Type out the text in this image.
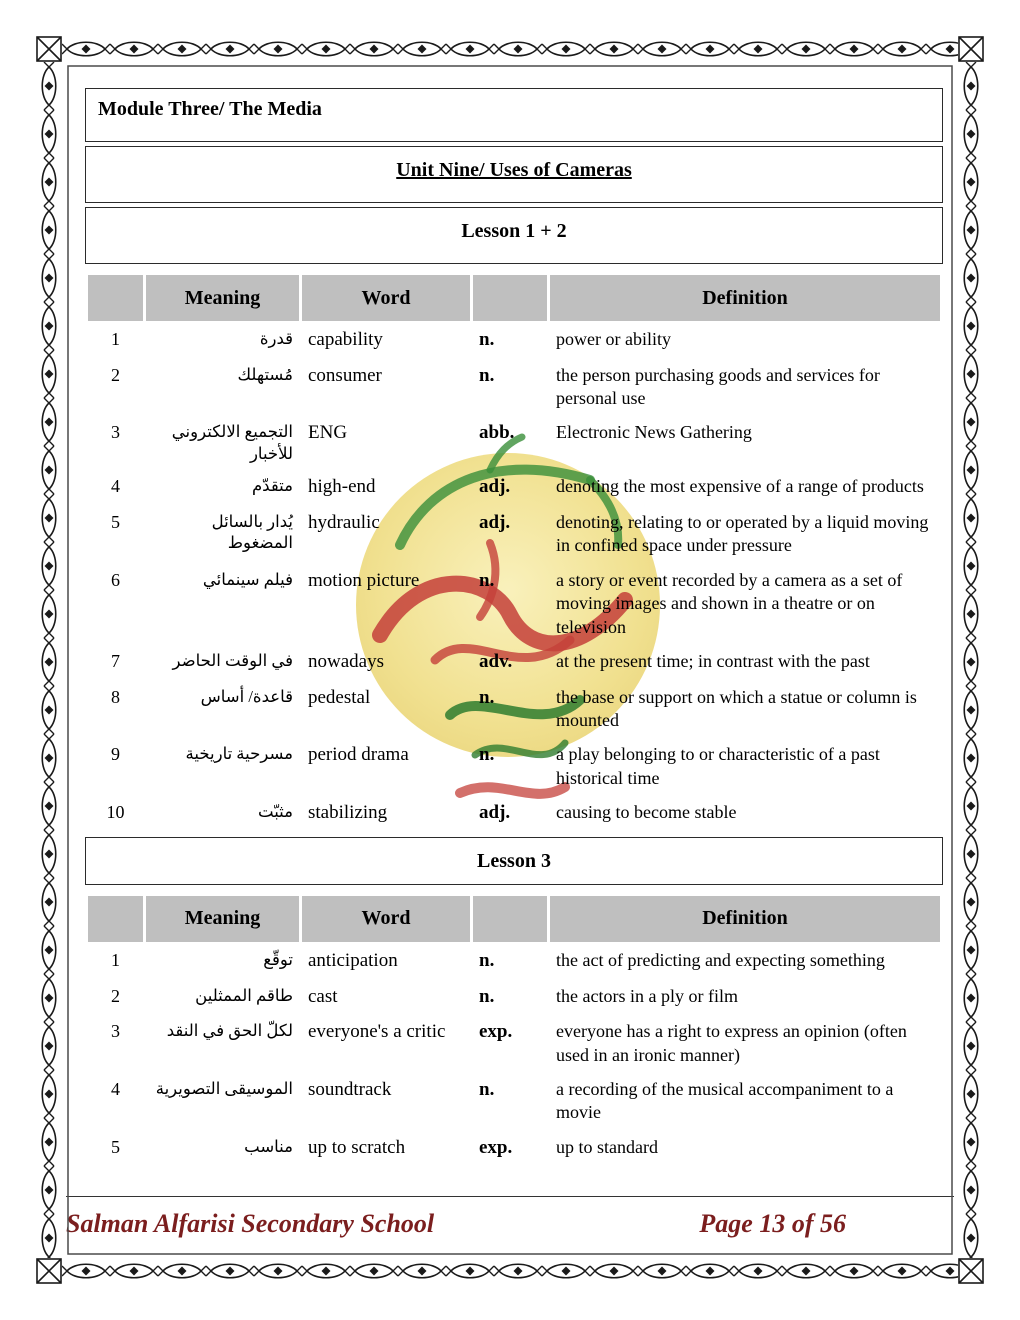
Module Three/ The Media
Unit Nine/ Uses of Cameras
Lesson 1 + 2
	Meaning	Word		Definition
1	قدرة	capability	n.	power or ability
2	مُستهلك	consumer	n.	the person purchasing goods and services for personal use
3	التجميع الالكتروني للأخبار	ENG	abb.	Electronic News Gathering
4	متقدّم	high-end	adj.	denoting the most expensive of a range of products
5	يُدار بالسائل المضغوط	hydraulic	adj.	denoting, relating to or operated by a liquid moving in confined space under pressure
6	فيلم سينمائي	motion picture	n.	a story or event recorded by a camera as a set of moving images and shown in a theatre or on television
7	في الوقت الحاضر	nowadays	adv.	at the present time; in contrast with the past
8	قاعدة/ أساس	pedestal	n.	the base or support on which a statue or column is mounted
9	مسرحية تاريخية	period drama	n.	a play belonging to or characteristic of a past historical time
10	مثبّت	stabilizing	adj.	causing to become stable
Lesson 3
	Meaning	Word		Definition
1	توقّع	anticipation	n.	the act of predicting and expecting something
2	طاقم الممثلين	cast	n.	the actors in a ply or film
3	لكلّ الحق في النقد	everyone's a critic	exp.	everyone has a right to express an opinion (often used in an ironic manner)
4	الموسيقى التصويرية	soundtrack	n.	a recording of the musical accompaniment to a movie
5	مناسب	up to scratch	exp.	up to standard
Salman Alfarisi Secondary School	Page 13 of 56
